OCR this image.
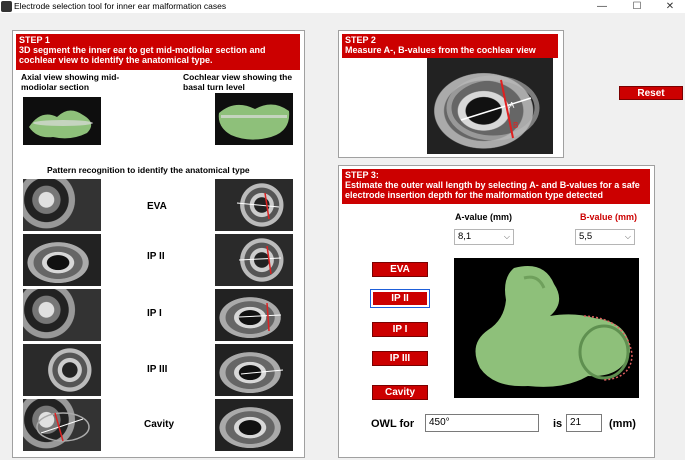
Electrode selection tool for inner ear malformation cases	—	☐	✕
STEP 1
3D segment the inner ear to get mid-modiolar section and cochlear view to identify the anatomical type.
Axial view showing mid-modiolar section
Cochlear view showing the basal turn level
Pattern recognition to identify the anatomical type
EVA
IP II
IP I
IP III
Cavity
STEP 2
Measure A-, B-values from the cochlear view
A
B
Reset
STEP 3:
Estimate the outer wall length by selecting A- and B-values for a safe electrode insertion depth for the malformation type detected
A-value (mm)	B-value (mm)
8,1	⌵	5,5	⌵
EVA
IP II
IP I
IP III
Cavity
OWL for	450°	is 21	(mm)
